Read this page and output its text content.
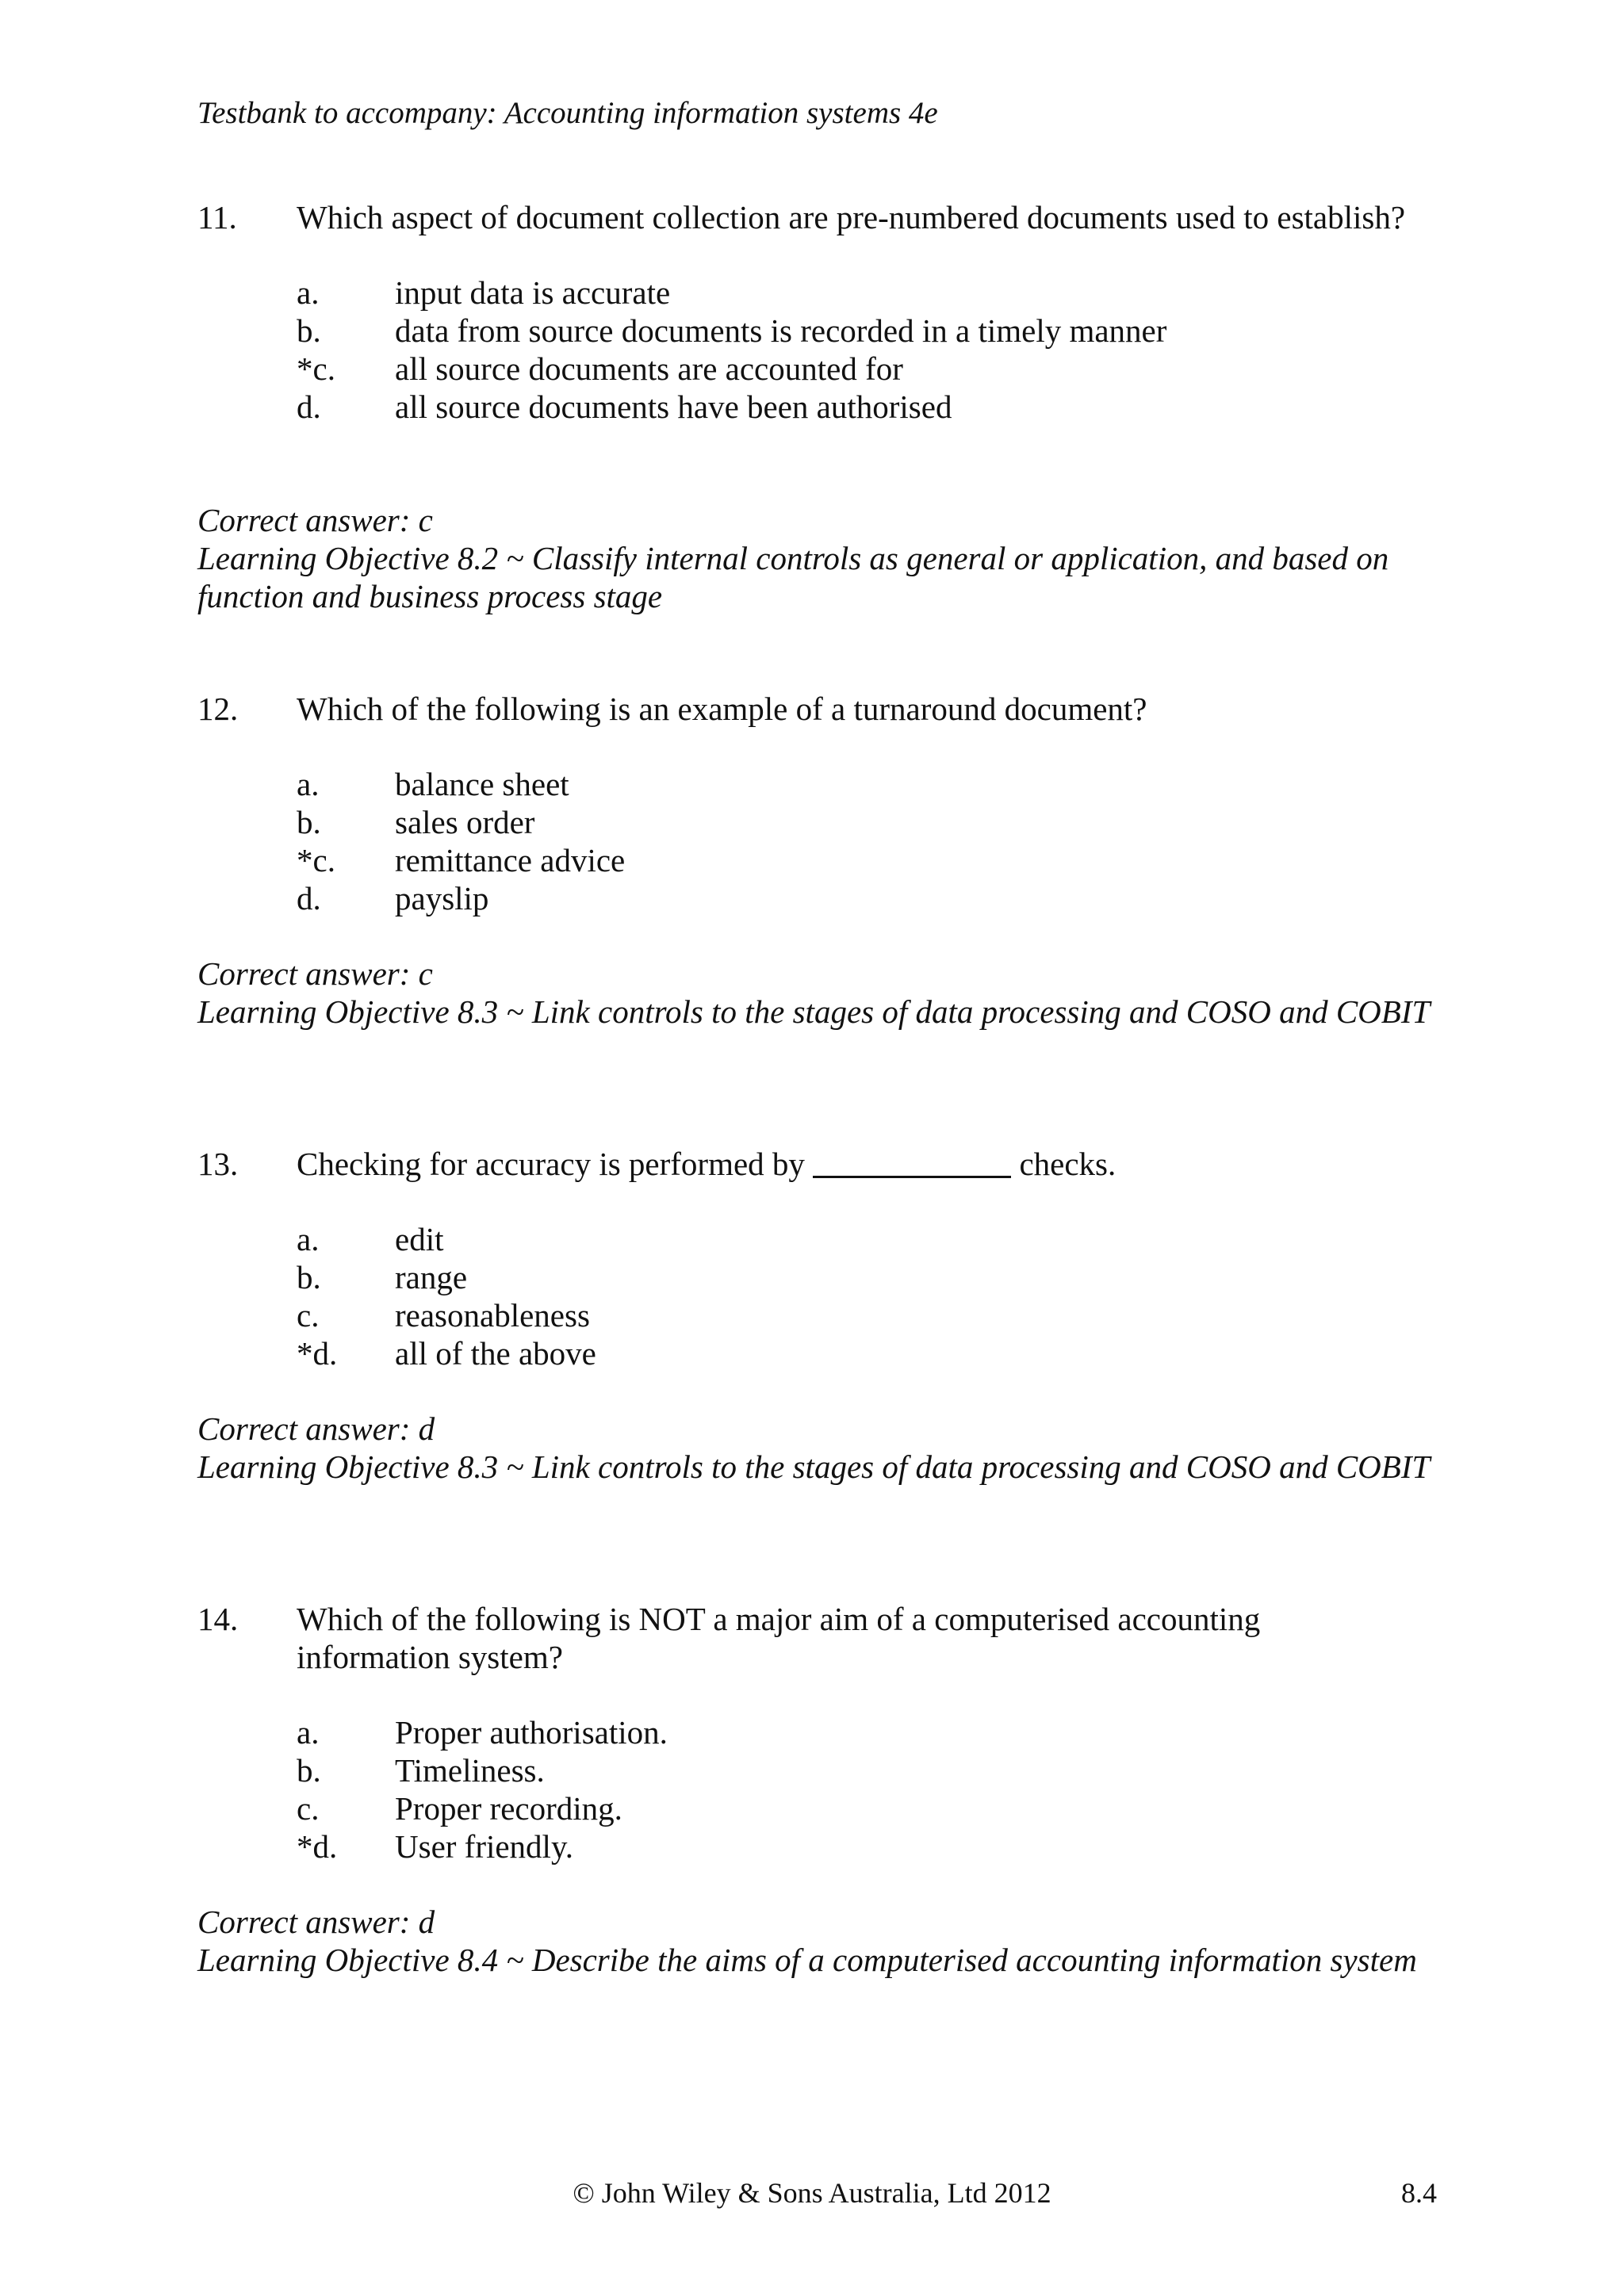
Testbank to accompany: Accounting information systems 4e
11. Which aspect of document collection are pre-numbered documents used to establish?
a. input data is accurate
b. data from source documents is recorded in a timely manner
*c. all source documents are accounted for
d. all source documents have been authorised
Correct answer: c
Learning Objective 8.2 ~ Classify internal controls as general or application, and based on function and business process stage
12. Which of the following is an example of a turnaround document?
a. balance sheet
b. sales order
*c. remittance advice
d. payslip
Correct answer: c
Learning Objective 8.3 ~ Link controls to the stages of data processing and COSO and COBIT
13. Checking for accuracy is performed by	checks.
a. edit
b. range
c. reasonableness
*d. all of the above
Correct answer: d
Learning Objective 8.3 ~ Link controls to the stages of data processing and COSO and COBIT
14. Which of the following is NOT a major aim of a computerised accounting information system?
a. Proper authorisation.
b. Timeliness.
c. Proper recording.
*d. User friendly.
Correct answer: d
Learning Objective 8.4 ~ Describe the aims of a computerised accounting information system
© John Wiley & Sons Australia, Ltd 2012	8.4
